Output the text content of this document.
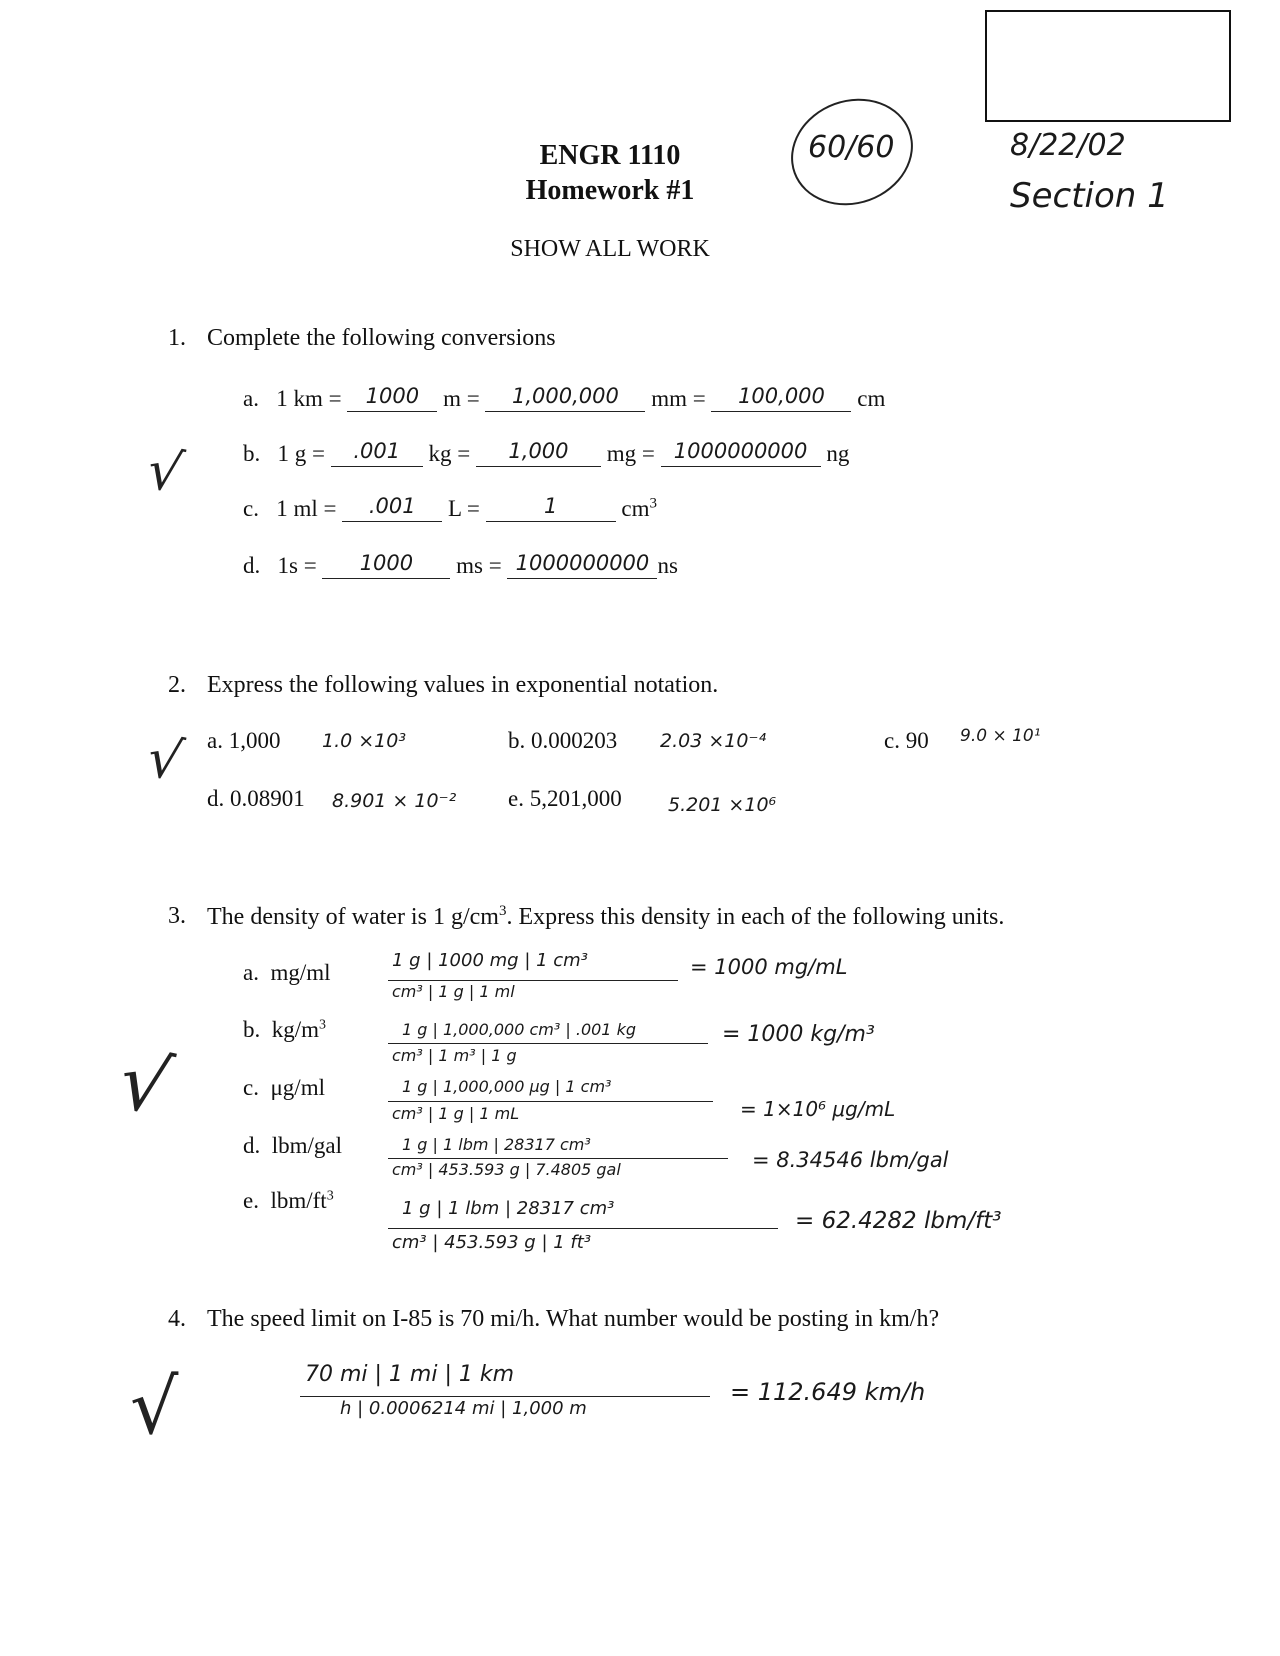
8/22/02
Section 1
60/60
ENGR 1110
Homework #1
SHOW ALL WORK
1. Complete the following conversions
a. 1 km = 1000 m = 1,000,000 mm = 100,000 cm
b. 1 g = .001 kg = 1,000 mg = 1000000000 ng
c. 1 ml = .001 L =	1	$cm^3$
d. 1s = 1000 ms = 1000000000 ns
√
2. Express the following values in exponential notation.
a. 1,000 1.0 ×10³	b. 0.000203 2.03 ×10⁻⁴	c. 90 9.0 × 10¹
d. 0.08901 8.901 × 10⁻² e. 5,201,000 5.201 ×10⁶
√
3. The density of water is 1 $g/cm^3$. Express this density in each of the following units.
a. mg/ml
b. $kg/m^3$
c. μg/ml
d. lbm/gal
e. lbm/$ft^3$
1 g | 1000 mg | 1 cm³
cm³ | 1 g | 1 ml
= 1000 mg/mL
1 g | 1,000,000 cm³ | .001 kg
cm³ | 1 m³ | 1 g
= 1000 kg/m³
1 g | 1,000,000 μg | 1 cm³
cm³ | 1 g | 1 mL	= 1×10⁶ μg/mL
1 g | 1 lbm | 28317 cm³
cm³ | 453.593 g | 7.4805 gal	= 8.34546 lbm/gal
1 g | 1 lbm | 28317 cm³
cm³ | 453.593 g | 1 ft³
= 62.4282 lbm/ft³
√
4. The speed limit on I-85 is 70 mi/h. What number would be posting in km/h?
70 mi | 1 mi | 1 km
h | 0.0006214 mi | 1,000 m
= 112.649 km/h
√
